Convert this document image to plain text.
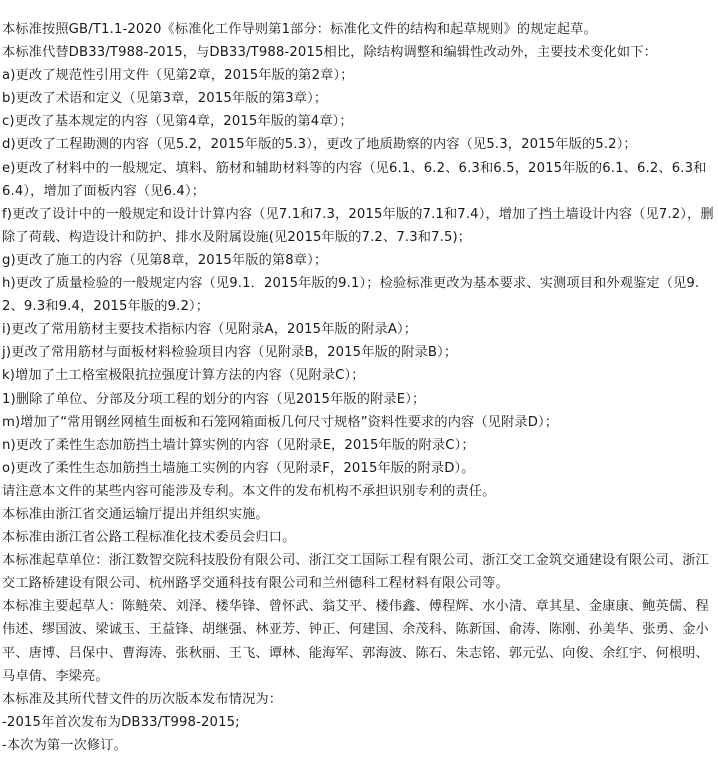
本标准按照GB/T1.1-2020《标准化工作导则第1部分：标准化文件的结构和起草规则》的规定起草。

本标准代替DB33/T988-2015，与DB33/T988-2015相比，除结构调整和编辑性改动外，主要技术变化如下：

a)更改了规范性引用文件（见第2章，2015年版的第2章）；

b)更改了术语和定义（见第3章，2015年版的第3章）；

c)更改了基本规定的内容（见第4章，2015年版的第4章）；

d)更改了工程勘测的内容（见5.2，2015年版的5.3），更改了地质勘察的内容（见5.3，2015年版的5.2）；

e)更改了材料中的一般规定、填料、筋材和辅助材料等的内容（见6.1、6.2、6.3和6.5，2015年版的6.1、6.2、6.3和6.4），增加了面板内容（见6.4）；

f)更改了设计中的一般规定和设计计算内容（见7.1和7.3，2015年版的7.1和7.4），增加了挡土墙设计内容（见7.2），删除了荷载、构造设计和防护、排水及附属设施(见2015年版的7.2、7.3和7.5)；

g)更改了施工的内容（见第8章，2015年版的第8章）；

h)更改了质量检验的一般规定内容（见9.1．2015年版的9.1）；检验标准更改为基本要求、实测项目和外观鉴定（见9.2、9.3和9.4，2015年版的9.2）；

i)更改了常用筋材主要技术指标内容（见附录A，2015年版的附录A）；

j)更改了常用筋材与面板材料检验项目内容（见附录B，2015年版的附录B）；

k)增加了土工格室极限抗拉强度计算方法的内容（见附录C）；

1)删除了单位、分部及分项工程的划分的内容（见2015年版的附录E）；

m)增加了“常用钢丝网植生面板和石笼网箱面板几何尺寸规格”资料性要求的内容（见附录D）；

n)更改了柔性生态加筋挡土墙计算实例的内容（见附录E，2015年版的附录C）；

o)更改了柔性生态加筋挡土墙施工实例的内容（见附录F，2015年版的附录D）。

请注意本文件的某些内容可能涉及专利。本文件的发布机构不承担识别专利的责任。

本标准由浙江省交通运输厅提出并组织实施。

本标准由浙江省公路工程标准化技术委员会归口。

本标准起草单位：浙江数智交院科技股份有限公司、浙江交工国际工程有限公司、浙江交工金筑交通建设有限公司、浙江交工路桥建设有限公司、杭州路孚交通科技有限公司和兰州德科工程材料有限公司等。

本标准主要起草人：陈鲢荣、刘泽、楼华锋、曾怀武、翁艾平、楼伟鑫、傅程辉、水小清、章其星、金康康、鲍英儒、程伟述、缪国波、梁诚玉、王益锋、胡继强、林亚芳、钟正、何建国、余茂科、陈新国、俞涛、陈刚、孙美华、张勇、金小平、唐博、吕保中、曹海涛、张秋丽、王飞、谭林、能海军、郭海波、陈石、朱志铭、郭元弘、向俊、余红宇、何根明、马卓倩、李梁亮。

本标准及其所代替文件的历次版本发布情况为：

-2015年首次发布为DB33/T998-2015;

-本次为第一次修订。
